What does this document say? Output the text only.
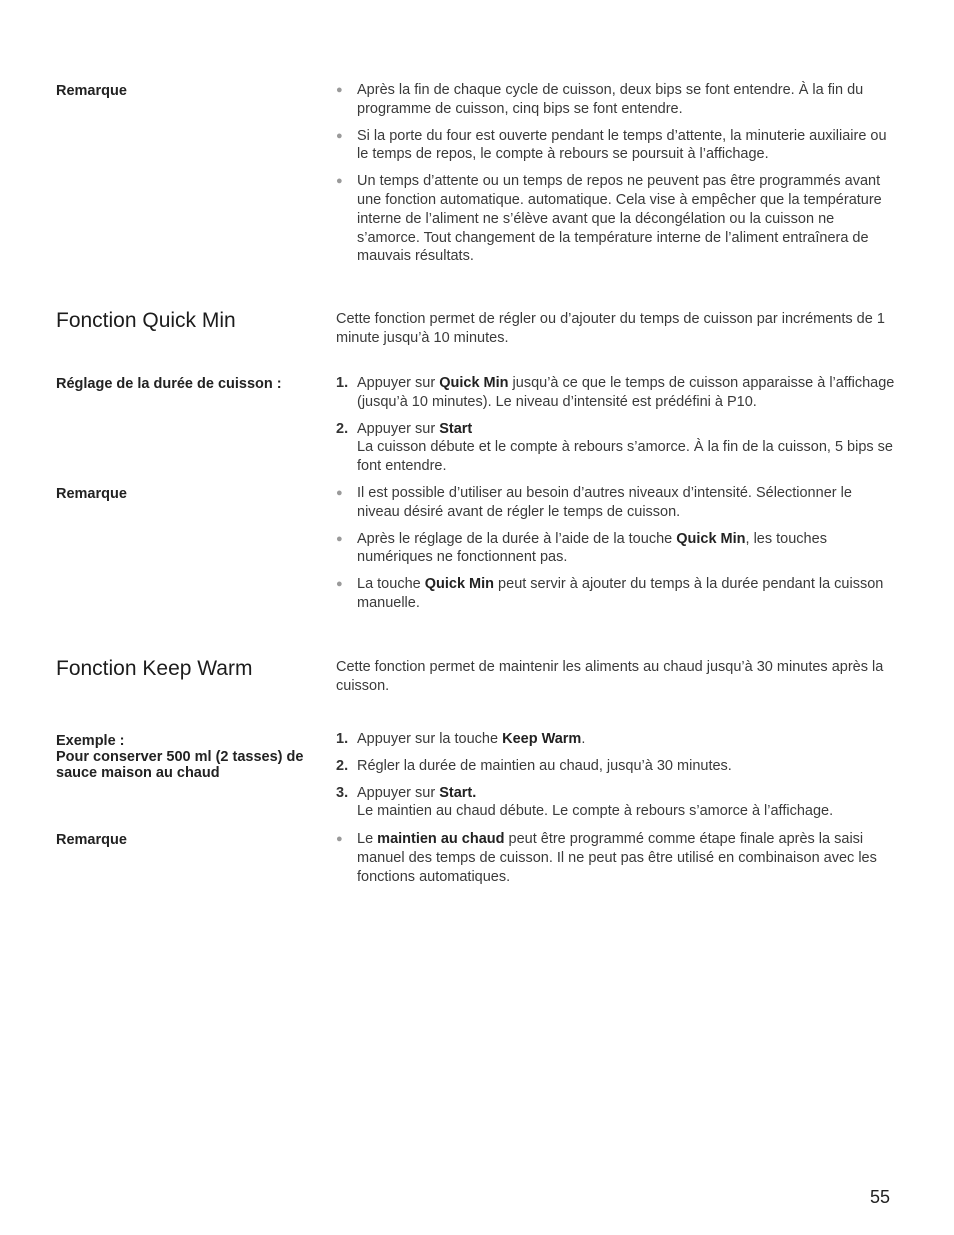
Remarque	● Après la fin de chaque cycle de cuisson, deux bips se font entendre. À la fin du programme de cuisson, cinq bips se font entendre.
● Si la porte du four est ouverte pendant le temps d’attente, la minuterie auxiliaire ou le temps de repos, le compte à rebours se poursuit à l’affichage.
● Un temps d’attente ou un temps de repos ne peuvent pas être programmés avant une fonction automatique. automatique. Cela vise à empêcher que la température interne de l’aliment ne s’élève avant que la décongélation ou la cuisson ne s’amorce. Tout changement de la température interne de l’aliment entraînera de mauvais résultats.
Fonction Quick Min	Cette fonction permet de régler ou d’ajouter du temps de cuisson par incréments de 1 minute jusqu’à 10 minutes.
Réglage de la durée de cuisson :	1. Appuyer sur Quick Min jusqu’à ce que le temps de cuisson apparaisse à l’affichage (jusqu’à 10 minutes). Le niveau d’intensité est prédéfini à P10.
2. Appuyer sur Start
La cuisson débute et le compte à rebours s’amorce. À la fin de la cuisson, 5 bips se font entendre.
Remarque	● Il est possible d’utiliser au besoin d’autres niveaux d’intensité. Sélectionner le niveau désiré avant de régler le temps de cuisson.
● Après le réglage de la durée à l’aide de la touche Quick Min, les touches numériques ne fonctionnent pas.
● La touche Quick Min peut servir à ajouter du temps à la durée pendant la cuisson manuelle.
Fonction Keep Warm	Cette fonction permet de maintenir les aliments au chaud jusqu’à 30 minutes après la cuisson.
Exemple :
Pour conserver 500 ml (2 tasses) de sauce maison au chaud
1. Appuyer sur la touche Keep Warm.
2. Régler la durée de maintien au chaud, jusqu’à 30 minutes.
3. Appuyer sur Start.
Le maintien au chaud débute. Le compte à rebours s’amorce à l’affichage.
Remarque	● Le maintien au chaud peut être programmé comme étape finale après la saisi manuel des temps de cuisson. Il ne peut pas être utilisé en combinaison avec les fonctions automatiques.
55
